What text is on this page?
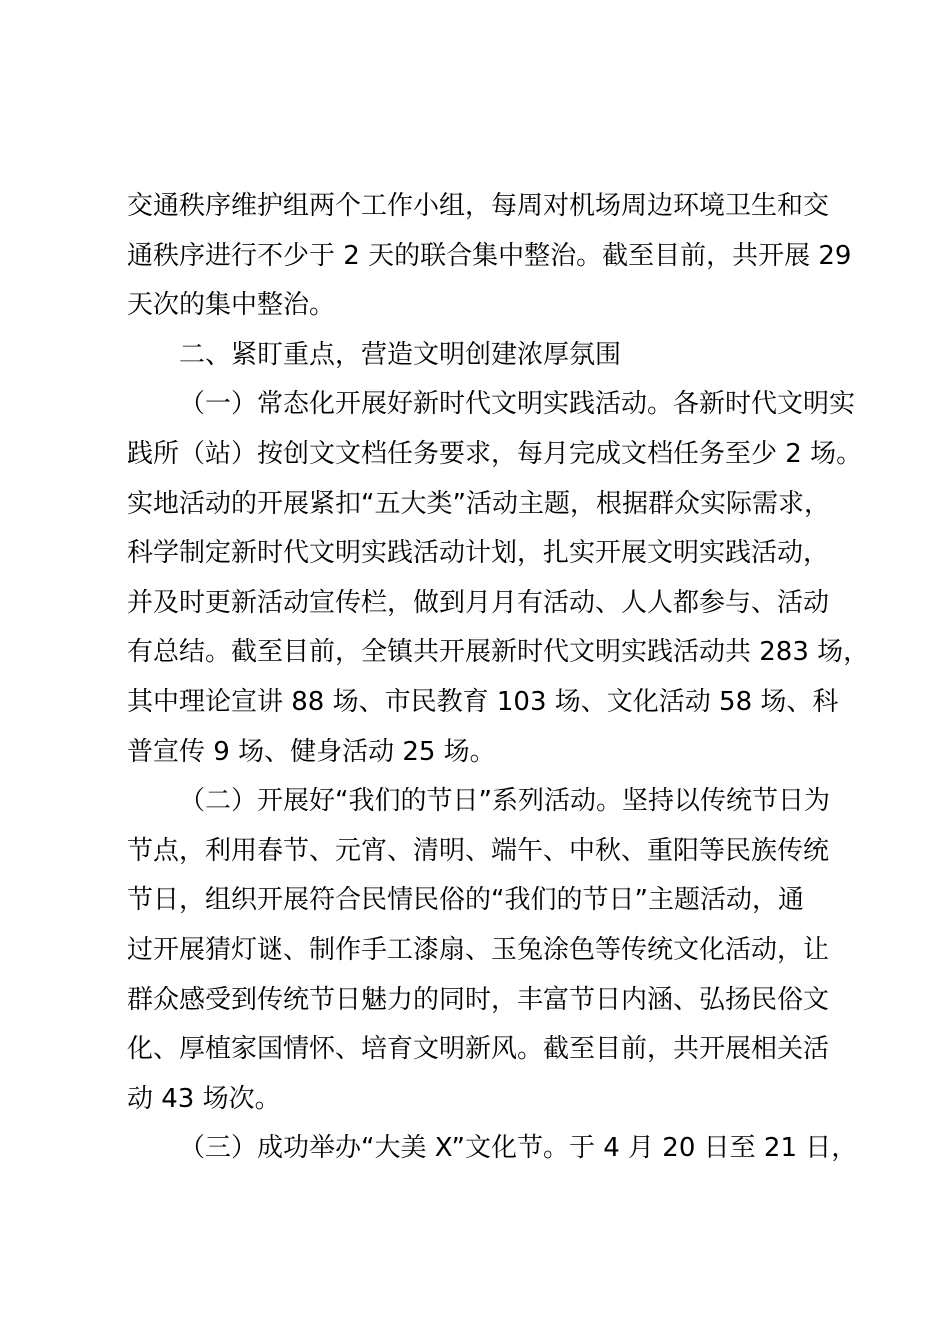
交通秩序维护组两个工作小组，每周对机场周边环境卫生和交
通秩序进行不少于 2 天的联合集中整治。截至目前，共开展 29
天次的集中整治。
二、紧盯重点，营造文明创建浓厚氛围
（一）常态化开展好新时代文明实践活动。各新时代文明实
践所（站）按创文文档任务要求，每月完成文档任务至少 2 场。
实地活动的开展紧扣“五大类”活动主题，根据群众实际需求，
科学制定新时代文明实践活动计划，扎实开展文明实践活动，
并及时更新活动宣传栏，做到月月有活动、人人都参与、活动
有总结。截至目前，全镇共开展新时代文明实践活动共 283 场，
其中理论宣讲 88 场、市民教育 103 场、文化活动 58 场、科
普宣传 9 场、健身活动 25 场。
（二）开展好“我们的节日”系列活动。坚持以传统节日为
节点，利用春节、元宵、清明、端午、中秋、重阳等民族传统
节日，组织开展符合民情民俗的“我们的节日”主题活动，通
过开展猜灯谜、制作手工漆扇、玉兔涂色等传统文化活动，让
群众感受到传统节日魅力的同时，丰富节日内涵、弘扬民俗文
化、厚植家国情怀、培育文明新风。截至目前，共开展相关活
动 43 场次。
（三）成功举办“大美 X”文化节。于 4 月 20 日至 21 日，
